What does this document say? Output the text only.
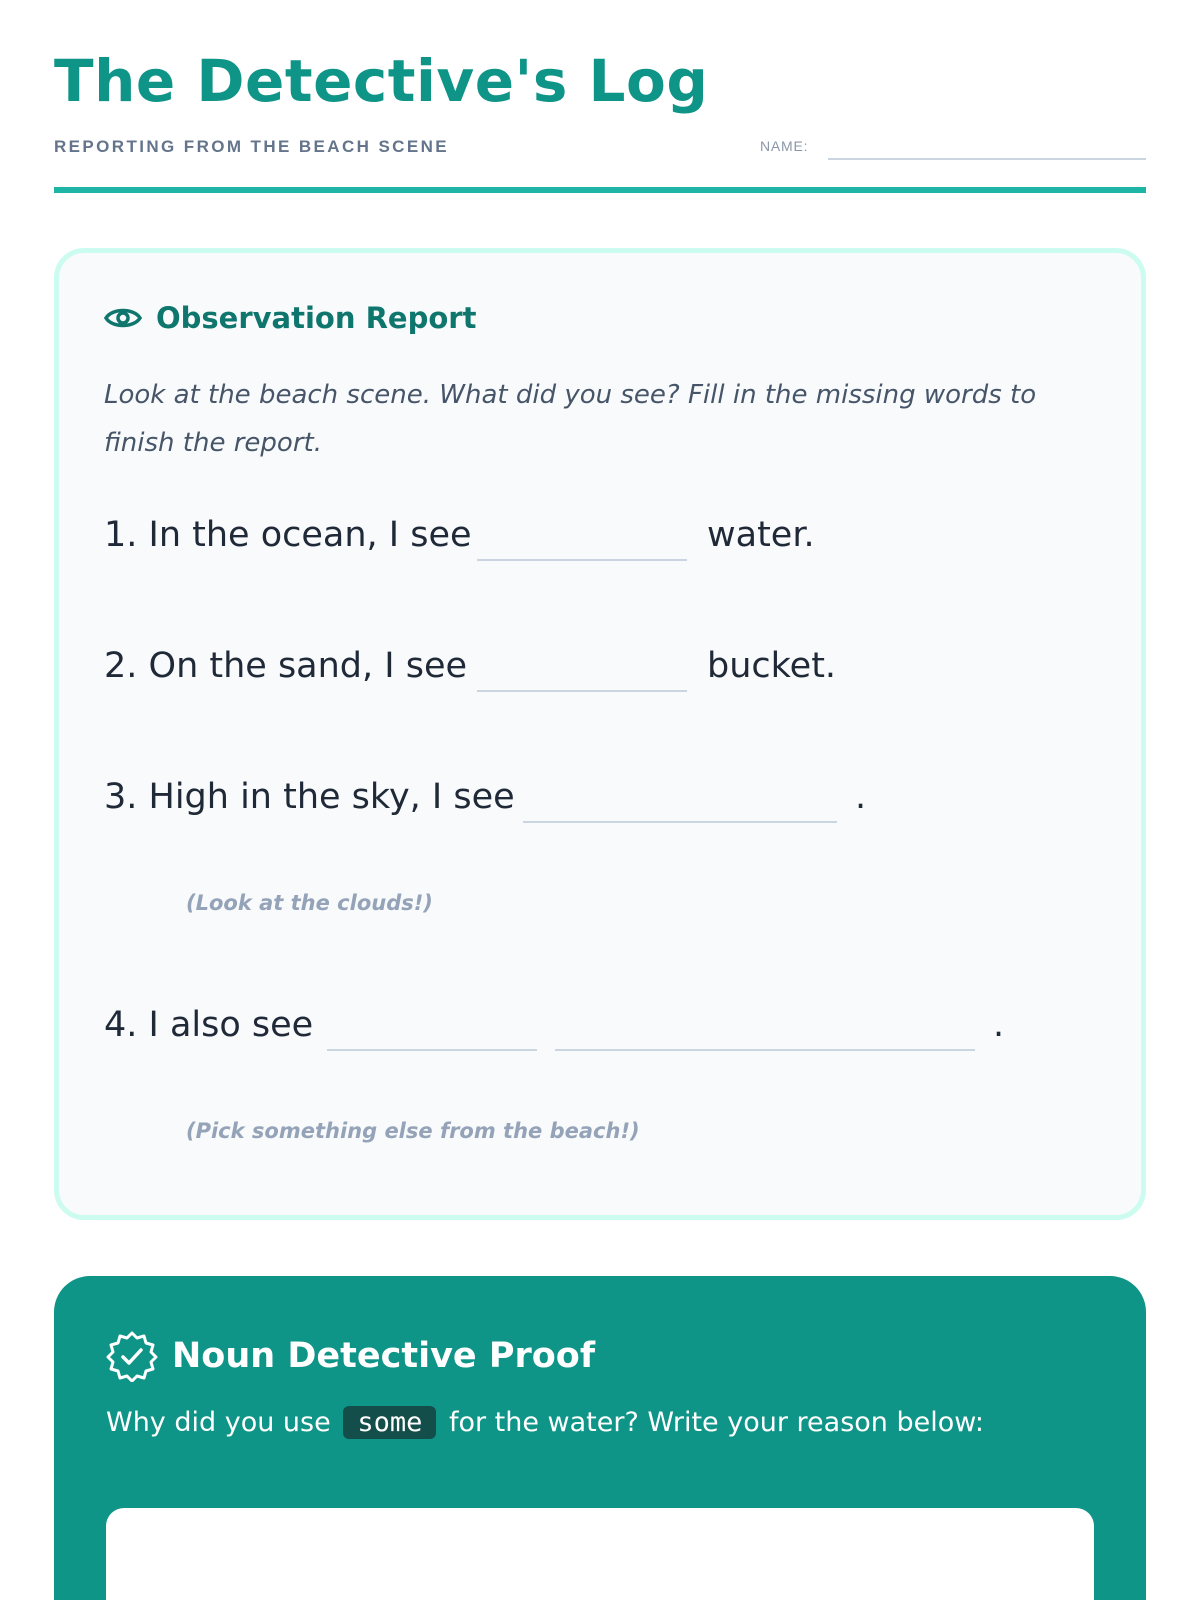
The Detective's Log
REPORTING FROM THE BEACH SCENE	NAME:
Observation Report

Look at the beach scene. What did you see? Fill in the missing words to finish the report.

1. In the ocean, I see	water.
2. On the sand, I see	bucket.
3. High in the sky, I see	.
(Look at the clouds!)
4. I also see	.
(Pick something else from the beach!)
Noun Detective Proof
Why did you use some for the water? Write your reason below:
